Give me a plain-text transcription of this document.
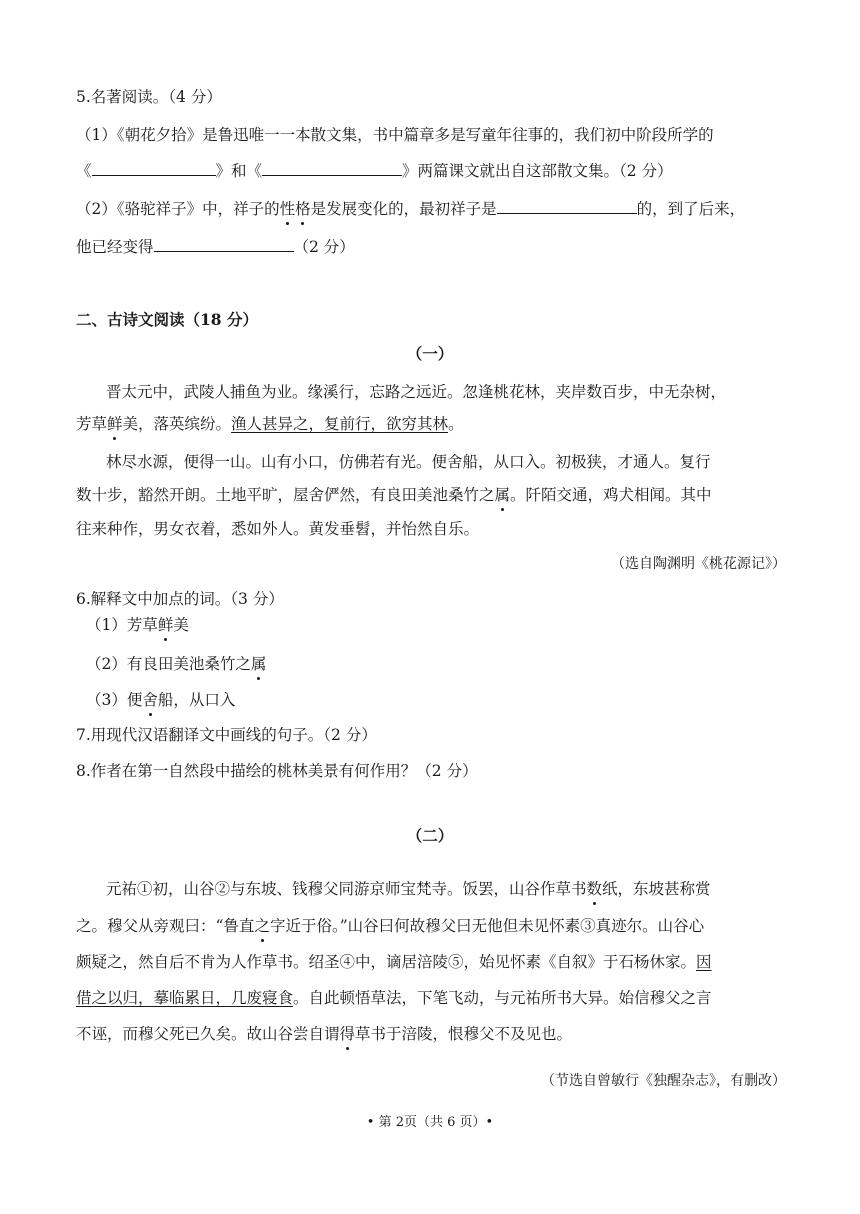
5.名著阅读。（4 分）
（1）《朝花夕拾》是鲁迅唯一一本散文集，书中篇章多是写童年往事的，我们初中阶段所学的
《	》和《	》两篇课文就出自这部散文集。（2 分）
（2）《骆驼祥子》中，祥子的性格是发展变化的，最初祥子是	的，到了后来，
他已经变得	（2 分）
二、古诗文阅读（18 分）
（一）
晋太元中，武陵人捕鱼为业。缘溪行，忘路之远近。忽逢桃花林，夹岸数百步，中无杂树，
芳草鲜美，落英缤纷。渔人甚异之，复前行，欲穷其林。
林尽水源，便得一山。山有小口，仿佛若有光。便舍船，从口入。初极狭，才通人。复行
数十步，豁然开朗。土地平旷，屋舍俨然，有良田美池桑竹之属。阡陌交通，鸡犬相闻。其中
往来种作，男女衣着，悉如外人。黄发垂髫，并怡然自乐。
（选自陶渊明《桃花源记》）
6.解释文中加点的词。（3 分）
（1）芳草鲜美
（2）有良田美池桑竹之属
（3）便舍船，从口入
7.用现代汉语翻译文中画线的句子。（2 分）
8.作者在第一自然段中描绘的桃林美景有何作用？（2 分）
（二）
元祐①初，山谷②与东坡、钱穆父同游京师宝梵寺。饭罢，山谷作草书数纸，东坡甚称赏
之。穆父从旁观曰：“鲁直之字近于俗。”山谷曰何故穆父曰无他但未见怀素③真迹尔。山谷心
颇疑之，然自后不肯为人作草书。绍圣④中，谪居涪陵⑤，始见怀素《自叙》于石杨休家。因
借之以归，摹临累日，几废寝食。自此顿悟草法，下笔飞动，与元祐所书大异。始信穆父之言
不诬，而穆父死已久矣。故山谷尝自谓得草书于涪陵，恨穆父不及见也。
（节选自曾敏行《独醒杂志》，有删改）
• 第 2页（共 6 页）•
